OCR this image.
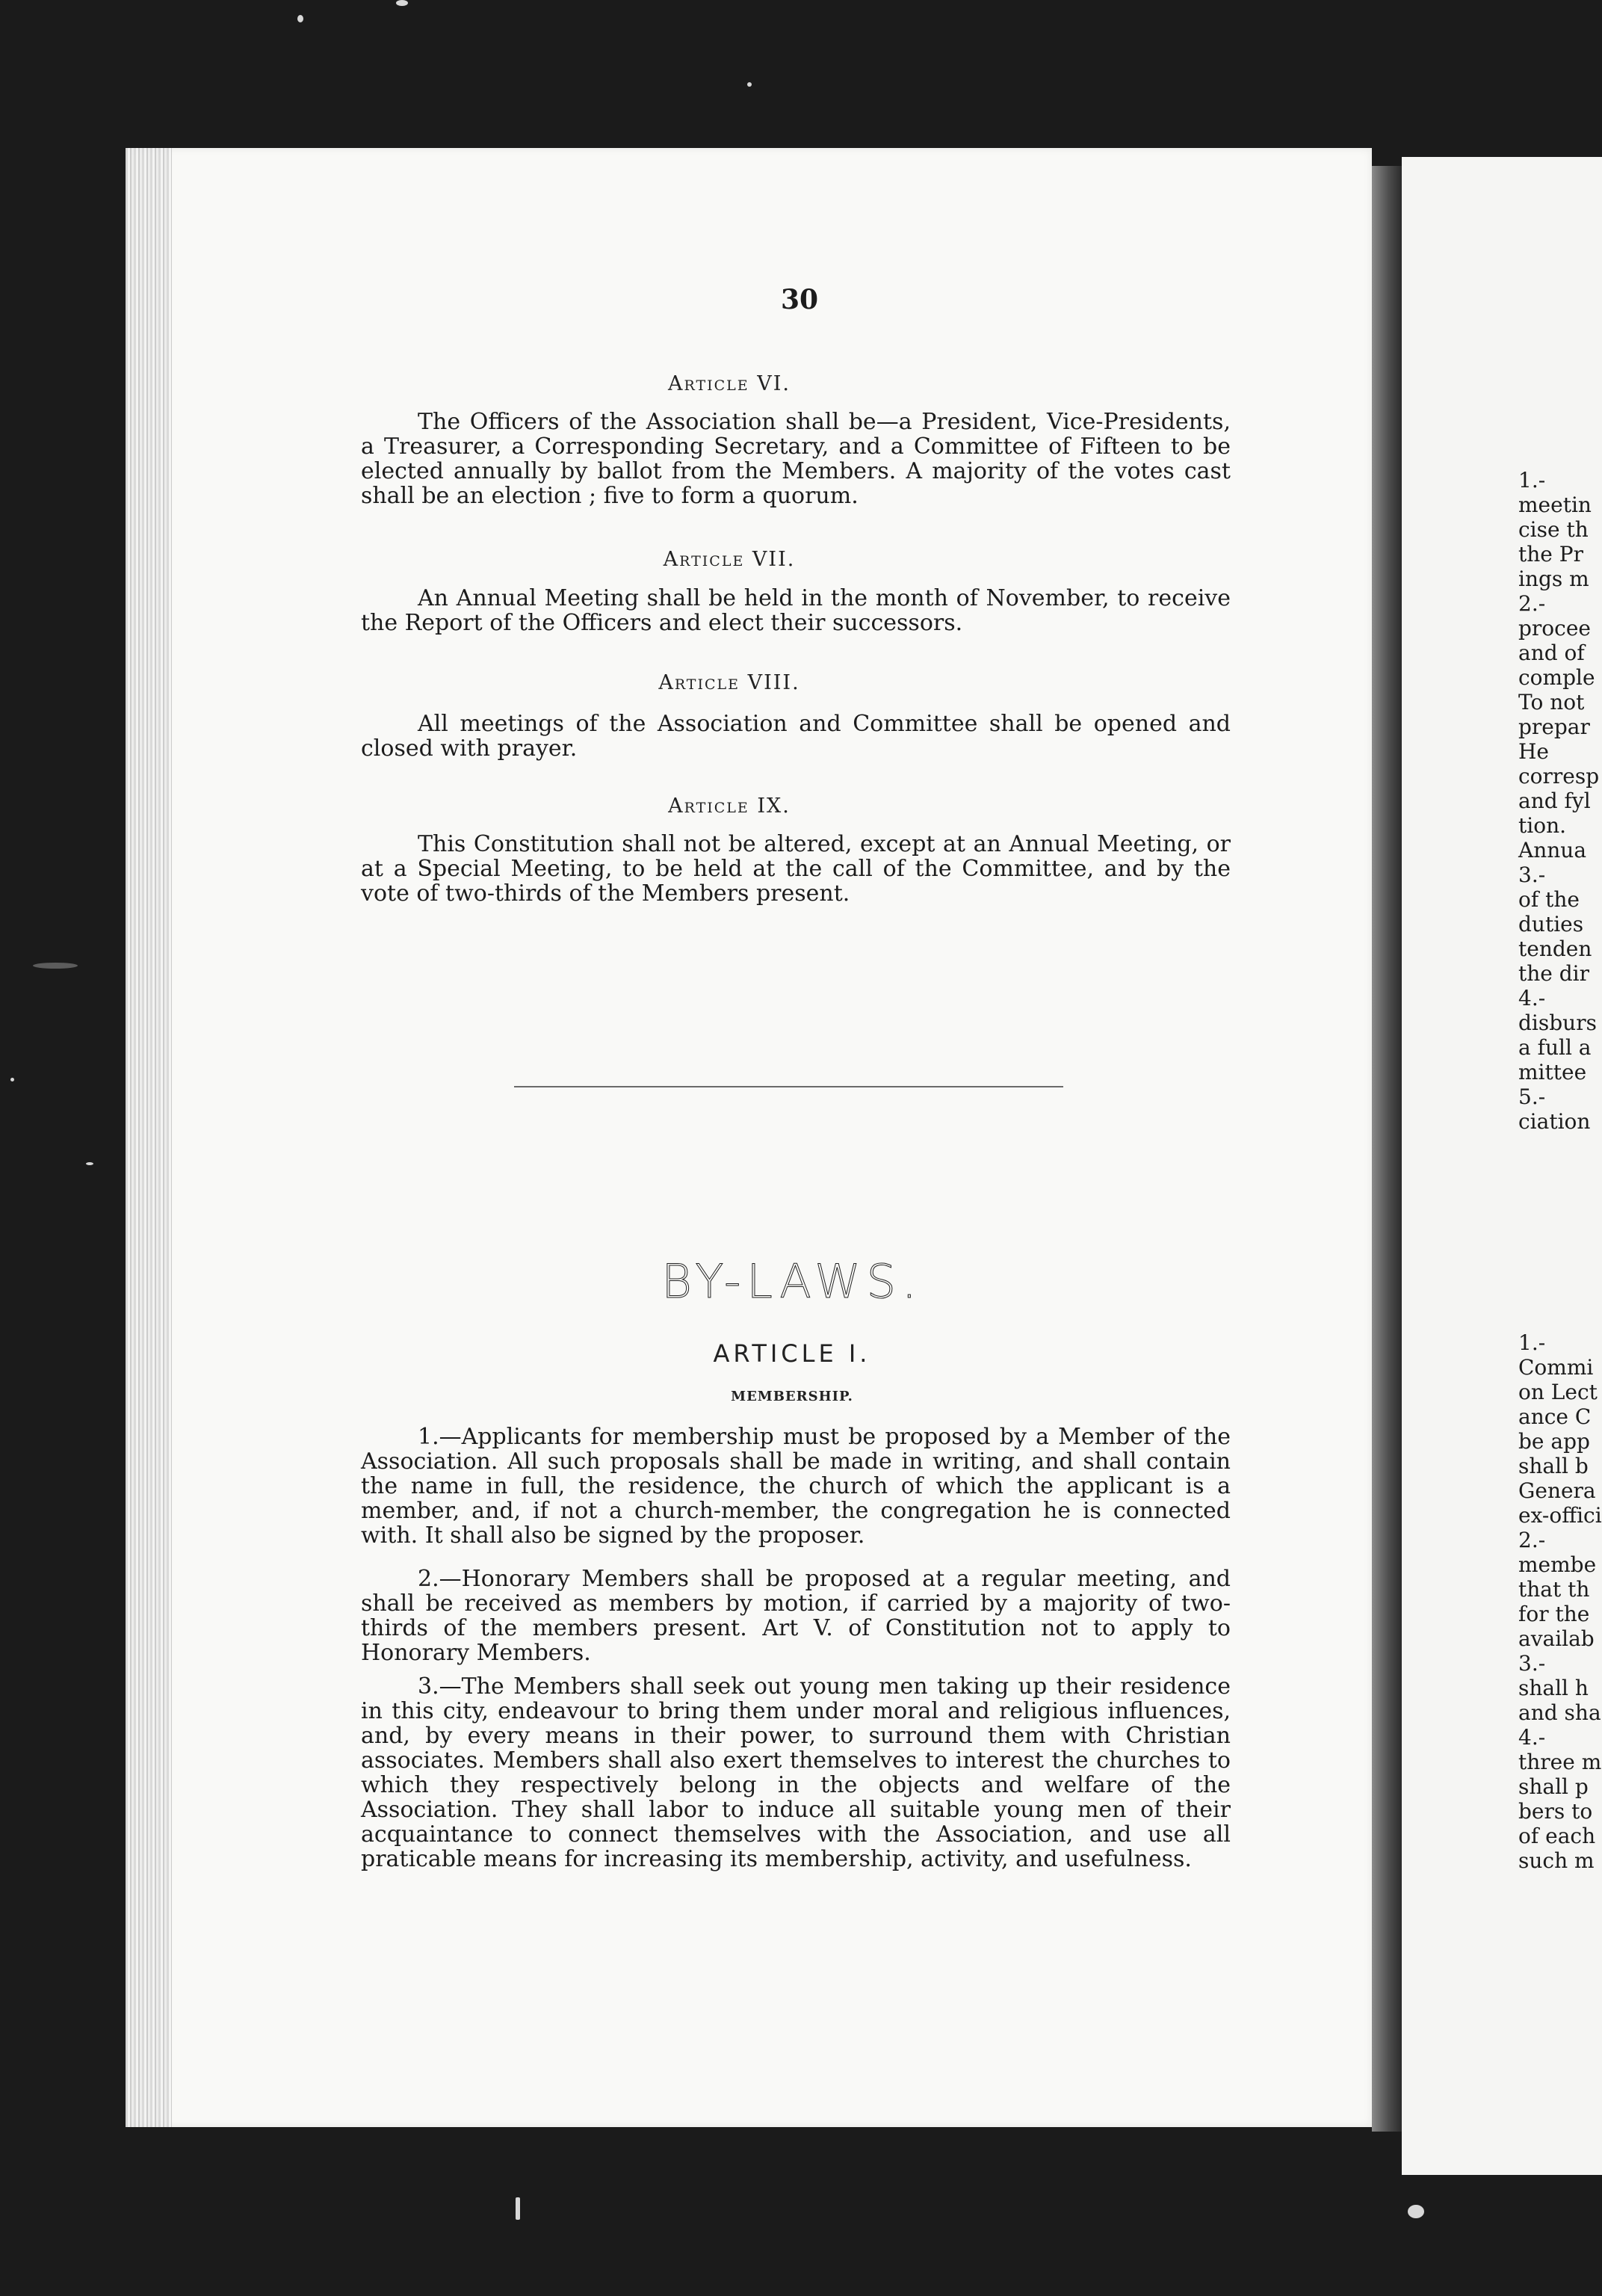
30
Article VI.
The Officers of the Association shall be—a President, Vice-Presidents, a Treasurer, a Corresponding Secretary, and a Committee of Fifteen to be elected annually by ballot from the Members. A majority of the votes cast shall be an election ; five to form a quorum.
Article VII.
An Annual Meeting shall be held in the month of November, to receive the Report of the Officers and elect their successors.
Article VIII.
All meetings of the Association and Committee shall be opened and closed with prayer.
Article IX.
This Constitution shall not be altered, except at an Annual Meeting, or at a Special Meeting, to be held at the call of the Committee, and by the vote of two-thirds of the Members present.
BY-LAWS.
ARTICLE I.
MEMBERSHIP.
1.—Applicants for membership must be proposed by a Member of the Association. All such proposals shall be made in writing, and shall contain the name in full, the residence, the church of which the applicant is a member, and, if not a church-member, the congregation he is connected with. It shall also be signed by the proposer.
2.—Honorary Members shall be proposed at a regular meeting, and shall be received as members by motion, if carried by a majority of two-thirds of the members present. Art V. of Constitution not to apply to Honorary Members.
3.—The Members shall seek out young men taking up their residence in this city, endeavour to bring them under moral and religious influences, and, by every means in their power, to surround them with Christian associates. Members shall also exert themselves to interest the churches to which they respectively belong in the objects and welfare of the Association. They shall labor to induce all suitable young men of their acquaintance to connect themselves with the Association, and use all praticable means for increasing its membership, activity, and usefulness.
1.-
meetin
cise th
the Pr
ings m
2.-
procee
and of
comple
To not
prepar
He
corresp
and fyl
tion.
Annua
3.-
of the
duties
tenden
the dir
4.-
disburs
a full a
mittee
5.-
ciation
1.-
Commi
on Lect
ance C
be app
shall b
Genera
ex-offici
2.-
membe
that th
for the
availab
3.-
shall h
and sha
4.-
three m
shall p
bers to
of each
such m
